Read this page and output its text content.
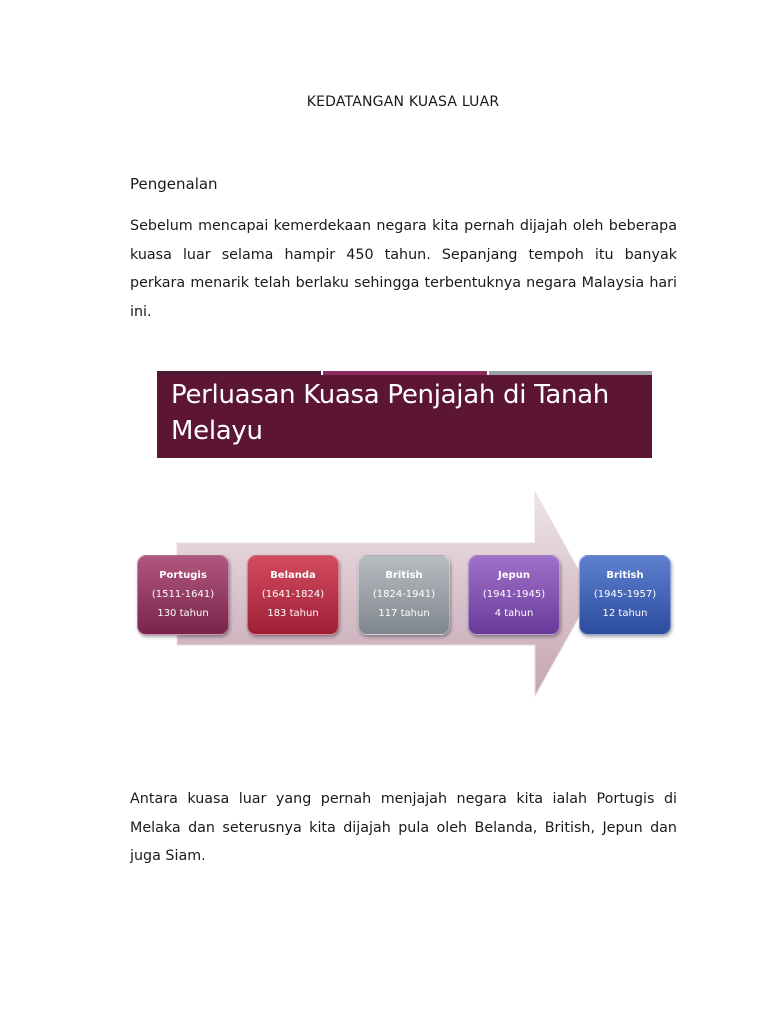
KEDATANGAN KUASA LUAR
Pengenalan

Sebelum mencapai kemerdekaan negara kita pernah dijajah oleh beberapa kuasa luar selama hampir 450 tahun. Sepanjang tempoh itu banyak perkara menarik telah berlaku sehingga terbentuknya negara Malaysia hari ini.

Perluasan Kuasa Penjajah di Tanah Melayu
Portugis
(1511-1641)
130 tahun
Belanda
(1641-1824)
183 tahun
British
(1824-1941)
117 tahun
Jepun
(1941-1945)
4 tahun
British
(1945-1957)
12 tahun

Antara kuasa luar yang pernah menjajah negara kita ialah Portugis di Melaka dan seterusnya kita dijajah pula oleh Belanda, British, Jepun dan juga Siam.
